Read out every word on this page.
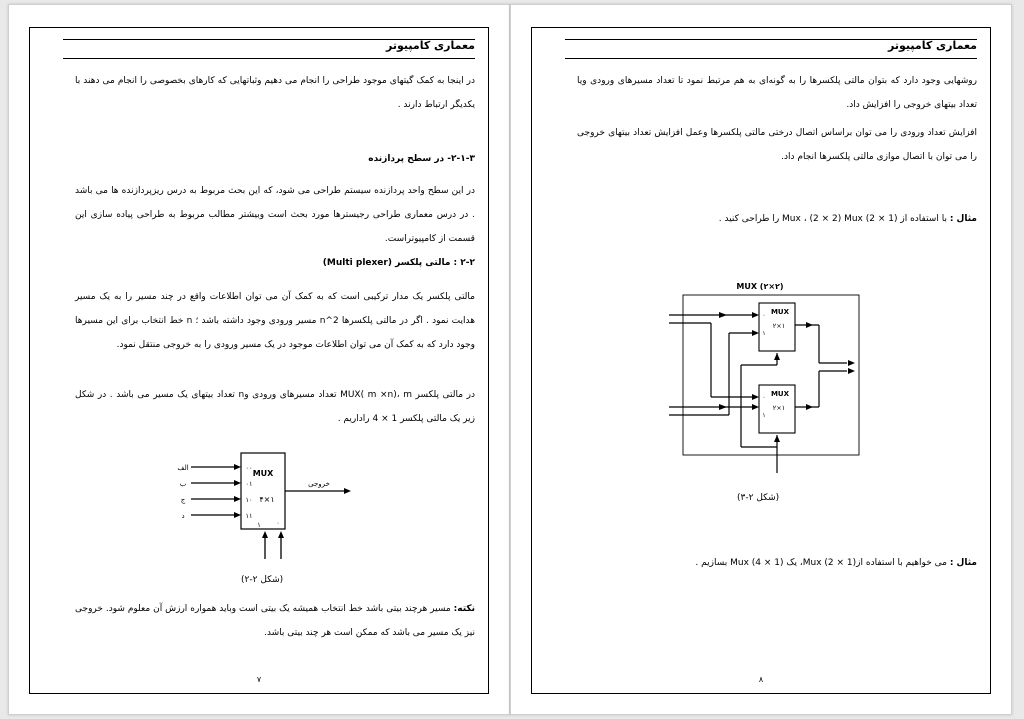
معماری کامپیوتر
در اینجا به کمک گیتهای موجود طراحی را انجام می دهیم وثباتهایی که کارهای بخصوصی را انجام می دهند با یکدیگر ارتباط دارند .
۲-۱-۳- در سطح پردازنده
در این سطح واحد پردازنده سیستم طراحی می شود، که این بحث مربوط به درس ریزپردازنده ها می باشد . در درس معماری طراحی رجیسترها مورد بحث است وبیشتر مطالب مربوط به طراحی پیاده سازی این قسمت از کامپیوتراست.
۲-۲ : مالتی پلکسر (Multi plexer)
مالتی پلکسر یک مدار ترکیبی است که به کمک آن می توان اطلاعات واقع در چند مسیر را به یک مسیر هدایت نمود . اگر در مالتی پلکسرها 2^n مسیر ورودی وجود داشته باشد ؛ n خط انتخاب برای این مسیرها وجود دارد که به کمک آن می توان اطلاعات موجود در یک مسیر ورودی را به خروجی منتقل نمود.
در مالتی پلکسر MUX( m ×n)، m تعداد مسیرهای ورودی وn تعداد بیتهای یک مسیر می باشد . در شکل زیر یک مالتی پلکسر 1 × 4 راداریم .
MUX
۴×۱
الف
ب
ج
د
۰۰
۰۱
۱۰
۱۱
۱ ۰
خروجی
(شکل ۲-۲)
نکته: مسیر هرچند بیتی باشد خط انتخاب همیشه یک بیتی است وباید همواره ارزش آن معلوم شود. خروجی نیز یک مسیر می باشد که ممکن است هر چند بیتی باشد.
۷
معماری کامپیوتر
روشهایی وجود دارد که بتوان مالتی پلکسرها را به گونه‌ای به هم مرتبط نمود تا تعداد مسیرهای ورودی ویا تعداد بیتهای خروجی را افزایش داد.
افزایش تعداد ورودی را می توان براساس اتصال درختی مالتی پلکسرها وعمل افزایش تعداد بیتهای خروجی را می توان با اتصال موازی مالتی پلکسرها انجام داد.
مثال : با استفاده از (1 × 2) Mux ، (2 × 2) Mux را طراحی کنید .
MUX (۲×۲)
MUX
۲×۱
۰
۱
MUX
۲×۱
۰
۱
(شکل ۲-۳)
مثال : می خواهیم با استفاده از(1 × 2) Mux، یک (1 × 4) Mux بسازیم .
۸
